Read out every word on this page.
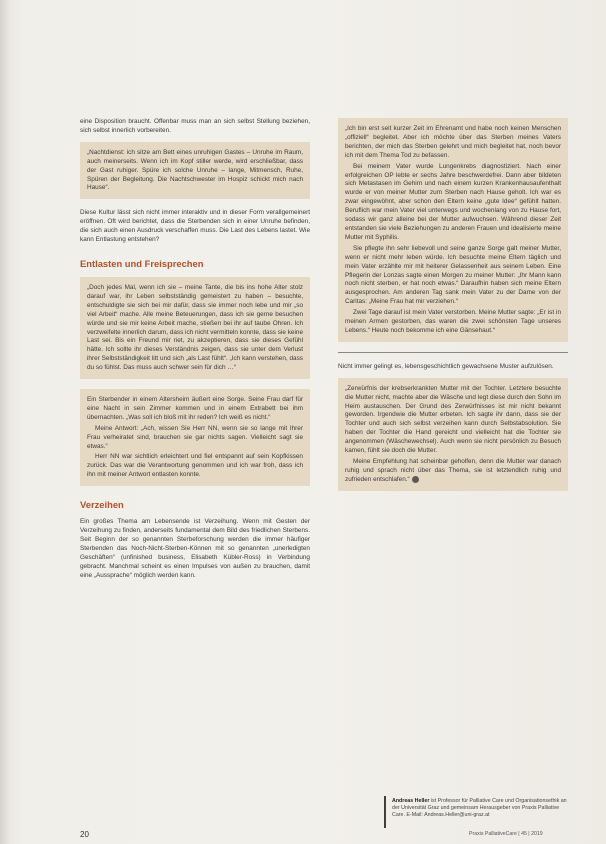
eine Disposition braucht. Offenbar muss man an sich selbst Stellung beziehen, sich selbst innerlich vorbereiten.

„Nachtdienst: ich sitze am Bett eines unruhigen Gastes – Unruhe im Raum, auch meinerseits. Wenn ich im Kopf stiller werde, wird erschließbar, dass der Gast ruhiger. Spüre ich solche Unruhe – lange, Mitmensch, Ruhe, Spüren der Begleitung. Die Nachtschwester im Hospiz schickt mich nach Hause“.

Diese Kultur lässt sich nicht immer interaktiv und in dieser Form verallgemeinert eröffnen. Oft wird berichtet, dass die Sterbenden sich in einer Unruhe befinden, die sich auch einen Ausdruck verschaffen muss. Die Last des Lebens lastet. Wie kann Entlastung entstehen?

Entlasten und Freisprechen

„Doch jedes Mal, wenn ich sie – meine Tante, die bis ins hohe Alter stolz darauf war, ihr Leben selbstständig gemeistert zu haben – besuchte, entschuldigte sie sich bei mir dafür, dass sie immer noch lebe und mir „so viel Arbeit“ mache. Alle meine Beteuerungen, dass ich sie gerne besuchen würde und sie mir keine Arbeit mache, stießen bei ihr auf taube Ohren. Ich verzweifelte innerlich darum, dass ich nicht vermitteln konnte, dass sie keine Last sei. Bis ein Freund mir riet, zu akzeptieren, dass sie dieses Gefühl hätte. Ich sollte ihr dieses Verständnis zeigen, dass sie unter dem Verlust ihrer Selbstständigkeit litt und sich „als Last fühlt“. „Ich kann verstehen, dass du so fühlst. Das muss auch schwer sein für dich …“

Ein Sterbender in einem Altersheim äußert eine Sorge. Seine Frau darf für eine Nacht in sein Zimmer kommen und in einem Extrabett bei ihm übernachten. „Was soll ich bloß mit ihr reden? Ich weiß es nicht.“

Meine Antwort: „Ach, wissen Sie Herr NN, wenn sie so lange mit Ihrer Frau verheiratet sind, brauchen sie gar nichts sagen. Vielleicht sagt sie etwas.“

Herr NN war sichtlich erleichtert und fiel entspannt auf sein Kopfkissen zurück. Das war die Verantwortung genommen und ich war froh, dass ich ihn mit meiner Antwort entlasten konnte.

Verzeihen

Ein großes Thema am Lebensende ist Verzeihung. Wenn mit Gesten der Verzeihung zu finden, anderseits fundamental dem Bild des friedlichen Sterbens. Seit Beginn der so genannten Sterbeforschung werden die immer häufiger Sterbenden das Noch-Nicht-Sterben-Können mit so genannten „unerledigten Geschäften“ (unfinished business, Elisabeth Kübler-Ross) in Verbindung gebracht. Manchmal scheint es einen Impulses von außen zu brauchen, damit eine „Aussprache“ möglich werden kann.

„Ich bin erst seit kurzer Zeit im Ehrenamt und habe noch keinen Menschen „offiziell“ begleitet. Aber ich möchte über das Sterben meines Vaters berichten, der mich das Sterben gelehrt und mich begleitet hat, noch bevor ich mit dem Thema Tod zu befassen.

Bei meinem Vater wurde Lungenkrebs diagnostiziert. Nach einer erfolgreichen OP lebte er sechs Jahre beschwerdefrei. Dann aber bildeten sich Metastasen im Gehirn und nach einem kurzen Krankenhausaufenthalt wurde er von meiner Mutter zum Sterben nach Hause geholt. Ich war es zwar eingewöhnt, aber schon den Eltern keine „gute Idee“ gefühlt hatten. Beruflich war mein Vater viel unterwegs und wochenlang von zu Hause fort, sodass wir ganz alleine bei der Mutter aufwuchsen. Während dieser Zeit entstanden sie viele Beziehungen zu anderen Frauen und idealisierte meine Mutter mit Syphilis.

Sie pflegte ihn sehr liebevoll und seine ganze Sorge galt meiner Mutter, wenn er nicht mehr leben würde. Ich besuchte meine Eltern täglich und mein Vater erzählte mir mit heiterer Gelassenheit aus seinem Leben. Eine Pflegerin der Lonzas sagte einen Morgen zu meiner Mutter: „Ihr Mann kann noch nicht sterben, er hat noch etwas.“ Daraufhin haben sich meine Eltern ausgesprochen. Am anderen Tag sank mein Vater zu der Dame von der Caritas: „Meine Frau hat mir verziehen.“

Zwei Tage darauf ist mein Vater verstorben. Meine Mutter sagte: „Er ist in meinen Armen gestorben, das waren die zwei schönsten Tage unseres Lebens.“ Heute noch bekomme ich eine Gänsehaut.“

Nicht immer gelingt es, lebensgeschichtlich gewachsene Muster aufzulösen.

„Zerwürfnis der krebserkrankten Mutter mit der Tochter. Letztere besuchte die Mutter nicht, machte aber die Wäsche und legt diese durch den Sohn im Heim austauschen. Der Grund des Zerwürfnisses ist mir nicht bekannt geworden. Irgendwie die Mutter erbeten. Ich sagte ihr dann, dass sie der Tochter und auch sich selbst verzeihen kann durch Selbstabsolution. Sie haben der Tochter die Hand gereicht und vielleicht hat die Tochter sie angenommen (Wäschewechsel). Auch wenn sie nicht persönlich zu Besuch kamen, fühlt sie doch die Mutter.

Meine Empfehlung hat scheinbar geholfen, denn die Mutter war danach ruhig und sprach nicht über das Thema, sie ist letztendlich ruhig und zufrieden entschlafen.“

Andreas Heller ist Professor für Palliative Care und Organisationsethik an der Universität Graz und gemeinsam Herausgeber von Praxis Palliative Care. E-Mail: Andreas.Heller@uni-graz.at
20	Praxis PalliativeCare | 45 | 2019
